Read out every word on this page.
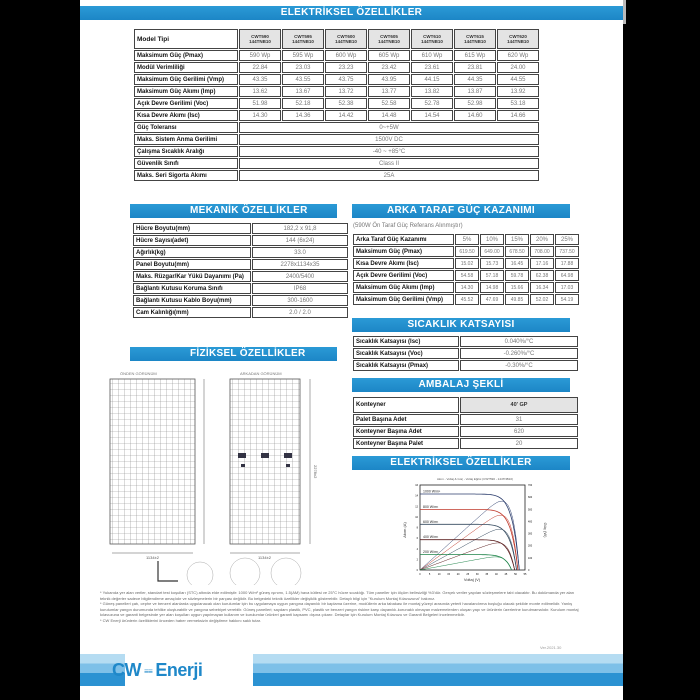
ELEKTRİKSEL ÖZELLİKLER
Model Tipi	CWT590 144TNB10	CWT595 144TNB10	CWT600 144TNB10	CWT605 144TNB10	CWT610 144TNB10	CWT615 144TNB10	CWT620 144TNB10
Maksimum Güç (Pmax)	590 Wp	595 Wp	600 Wp	605 Wp	610 Wp	615 Wp	620 Wp
Modül Verimliliği	22.84	23.03	23.23	23.42	23.61	23.81	24.00
Maksimum Güç Gerilimi (Vmp)	43.35	43.55	43.75	43.95	44.15	44.35	44.55
Maksimum Güç Akımı (Imp)	13.62	13.67	13.72	13.77	13.82	13.87	13.92
Açık Devre Gerilimi (Voc)	51.98	52.18	52.38	52.58	52.78	52.98	53.18
Kısa Devre Akımı (Isc)	14.30	14.36	14.42	14.48	14.54	14.60	14.66
Güç Toleransı	0~+5W						
Maks. Sistem Anma Gerilimi	1500V DC						
Çalışma Sıcaklık Aralığı	-40 ~ +85°C						
Güvenlik Sınıfı	Class II						
Maks. Seri Sigorta Akımı	25A						
MEKANİK ÖZELLİKLER
Hücre Boyutu(mm)	182,2 x 91,8
Hücre Sayısı(adet)	144 (6x24)
Ağırlık(kg)	33.0
Panel Boyutu(mm)	2278x1134x35
Maks. Rüzgar/Kar Yükü Dayanımı (Pa)	2400/5400
Bağlantı Kutusu Koruma Sınıfı	IP68
Bağlantı Kutusu Kablo Boyu(mm)	300-1600
Cam Kalınlığı(mm)	2.0 / 2.0
ARKA TARAF GÜÇ KAZANIMI
(590W Ön Taraf Güç Referans Alınmıştır)
Arka Taraf Güç Kazanımı	5%	10%	15%	20%	25%
Maksimum Güç (Pmax)	619.50	649.00	678.50	708.00	737.50
Kısa Devre Akımı (Isc)	15.02	15.73	16.45	17.16	17.88
Açık Devre Gerilimi (Voc)	54.58	57.18	59.78	62.38	64.98
Maksimum Güç Akımı (Imp)	14.30	14.98	15.66	16.34	17.03
Maksimum Güç Gerilimi (Vmp)	45.52	47.69	49.85	52.02	54.19
SICAKLIK KATSAYISI
Sıcaklık Katsayısı (Isc)	0.040%/°C
Sıcaklık Katsayısı (Voc)	-0.260%/°C
Sıcaklık Katsayısı (Pmax)	-0.30%/°C
AMBALAJ ŞEKLİ
Konteyner	40' GP
Palet Başına Adet	31
Konteyner Başına Adet	620
Konteyner Başına Palet	20
FİZİKSEL ÖZELLİKLER
ÖNDEN GÖRÜNÜM
1134±2
ARKADAN GÖRÜNÜM
1134±2
2278±2
ELEKTRİKSEL ÖZELLİKLER
Akım - Voltaj & Güç - Voltaj Eğrisi (CWT590 - 144TNB10)
0	5	10	15	20	25	30	35	40	45	50	55
0
2
4
6
8
10
12
14
16
0
100
200
300
400
500
600
700
1000 W/m²
800 W/m²
600 W/m²
400 W/m²
200 W/m²
Voltaj (V)
Akım (A)	Güç (W)
* Yukarıda yer alan veriler, standart test koşulları (STC) altında elde edilmiştir: 1000 W/m² güneş ışınımı, 1.5(AM) hava kütlesi ve 25°C hücre sıcaklığı. Tüm paneller için ölçüm belirsizliği %3'dür. Gerçek veriler yapılan sözleşmelere tabi olacaktır. Bu dokümanda yer alan teknik değerler sadece bilgilendirme amaçlıdır ve sözleşmelerin bir parçası değildir. Bu belgedeki teknik özellikler değişiklik gösterebilir. Detaylı bilgi için "Kurulum Montaj Kılavuzuna" bakınız.
* Güneş panelleri çatı, cephe ve benzeri alanlarda uygulanacak olan kurulumlar için bu uygulamaya uygun yangına dayanıklı bir kaplama üzerine, modüllerin arka tabakası ile montaj yüzeyi arasında yeterli havalandırma boşluğu olacak şekilde monte edilmelidir. Yanlış kurulumlar yangın durumunda tehlike oluşturabilir ve yangına sebebiyet verebilir. Güneş panelleri; saydam plastik, PVC, plastik ve benzeri yangın riskine karşı dayanıklı-korunaklı olmayan malzemelerden oluşan yapı ve ürünlerin üzerlerine kurulmamalıdır. Kurulum montaj kılavuzuna ve garanti belgesinde yer alan koşulları uygun yapılmayan kullanım ve kurulumlar ürünleri garanti kapsamı dışına çıkarır. Detaylar için Kurulum Montaj Kılavuzu ve Garanti Belgeleri incelenmelidir.
* CW Enerji ürünlerin özelliklerini önceden haber vermeksizin değiştirme hakkını saklı tutar.
Ver.2021.30
CW ≡≡ Enerji
